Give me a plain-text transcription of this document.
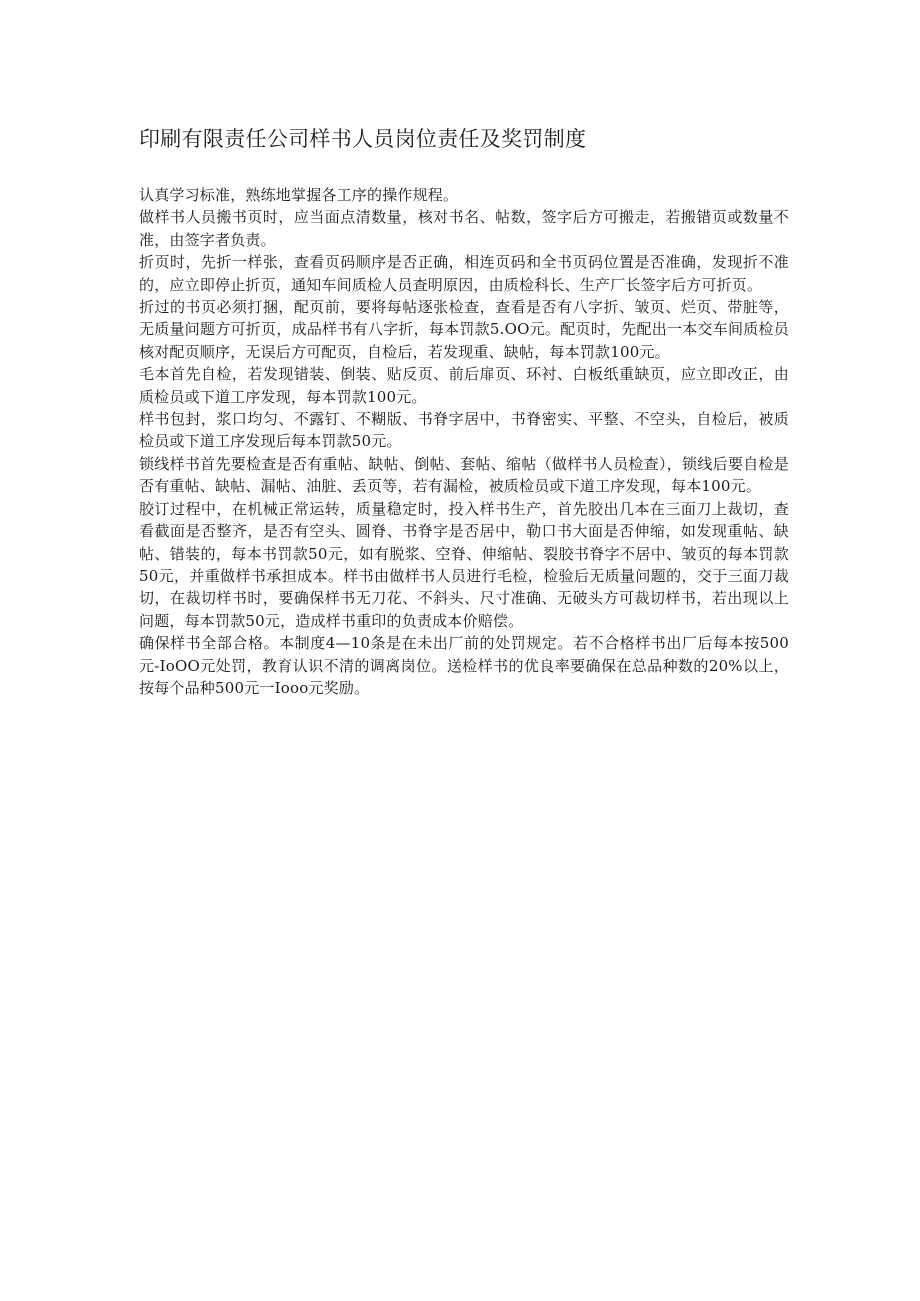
印刷有限责任公司样书人员岗位责任及奖罚制度

认真学习标准，熟练地掌握各工序的操作规程。

做样书人员搬书页时，应当面点清数量，核对书名、帖数，签字后方可搬走，若搬错页或数量不准，由签字者负责。

折页时，先折一样张，查看页码顺序是否正确，相连页码和全书页码位置是否准确，发现折不准的，应立即停止折页，通知车间质检人员查明原因，由质检科长、生产厂长签字后方可折页。

折过的书页必须打捆，配页前，要将每帖逐张检查，查看是否有八字折、皱页、烂页、带脏等，无质量问题方可折页，成品样书有八字折，每本罚款5.OO元。配页时，先配出一本交车间质检员核对配页顺序，无误后方可配页，自检后，若发现重、缺帖，每本罚款100元。

毛本首先自检，若发现错装、倒装、贴反页、前后扉页、环衬、白板纸重缺页，应立即改正，由质检员或下道工序发现，每本罚款100元。

样书包封，浆口均匀、不露钉、不糊版、书脊字居中，书脊密实、平整、不空头，自检后，被质检员或下道工序发现后每本罚款50元。

锁线样书首先要检查是否有重帖、缺帖、倒帖、套帖、缩帖（做样书人员检查），锁线后要自检是否有重帖、缺帖、漏帖、油脏、丢页等，若有漏检，被质检员或下道工序发现，每本100元。

胶订过程中，在机械正常运转，质量稳定时，投入样书生产，首先胶出几本在三面刀上裁切，查看截面是否整齐，是否有空头、圆脊、书脊字是否居中，勒口书大面是否伸缩，如发现重帖、缺帖、错装的，每本书罚款50元，如有脱浆、空脊、伸缩帖、裂胶书脊字不居中、皱页的每本罚款50元，并重做样书承担成本。样书由做样书人员进行毛检，检验后无质量问题的，交于三面刀裁切，在裁切样书时，要确保样书无刀花、不斜头、尺寸准确、无破头方可裁切样书，若出现以上问题，每本罚款50元，造成样书重印的负责成本价赔偿。

确保样书全部合格。本制度4—10条是在未出厂前的处罚规定。若不合格样书出厂后每本按500元-IoOO元处罚，教育认识不清的调离岗位。送检样书的优良率要确保在总品种数的20%以上，按每个品种500元一Iooo元奖励。
